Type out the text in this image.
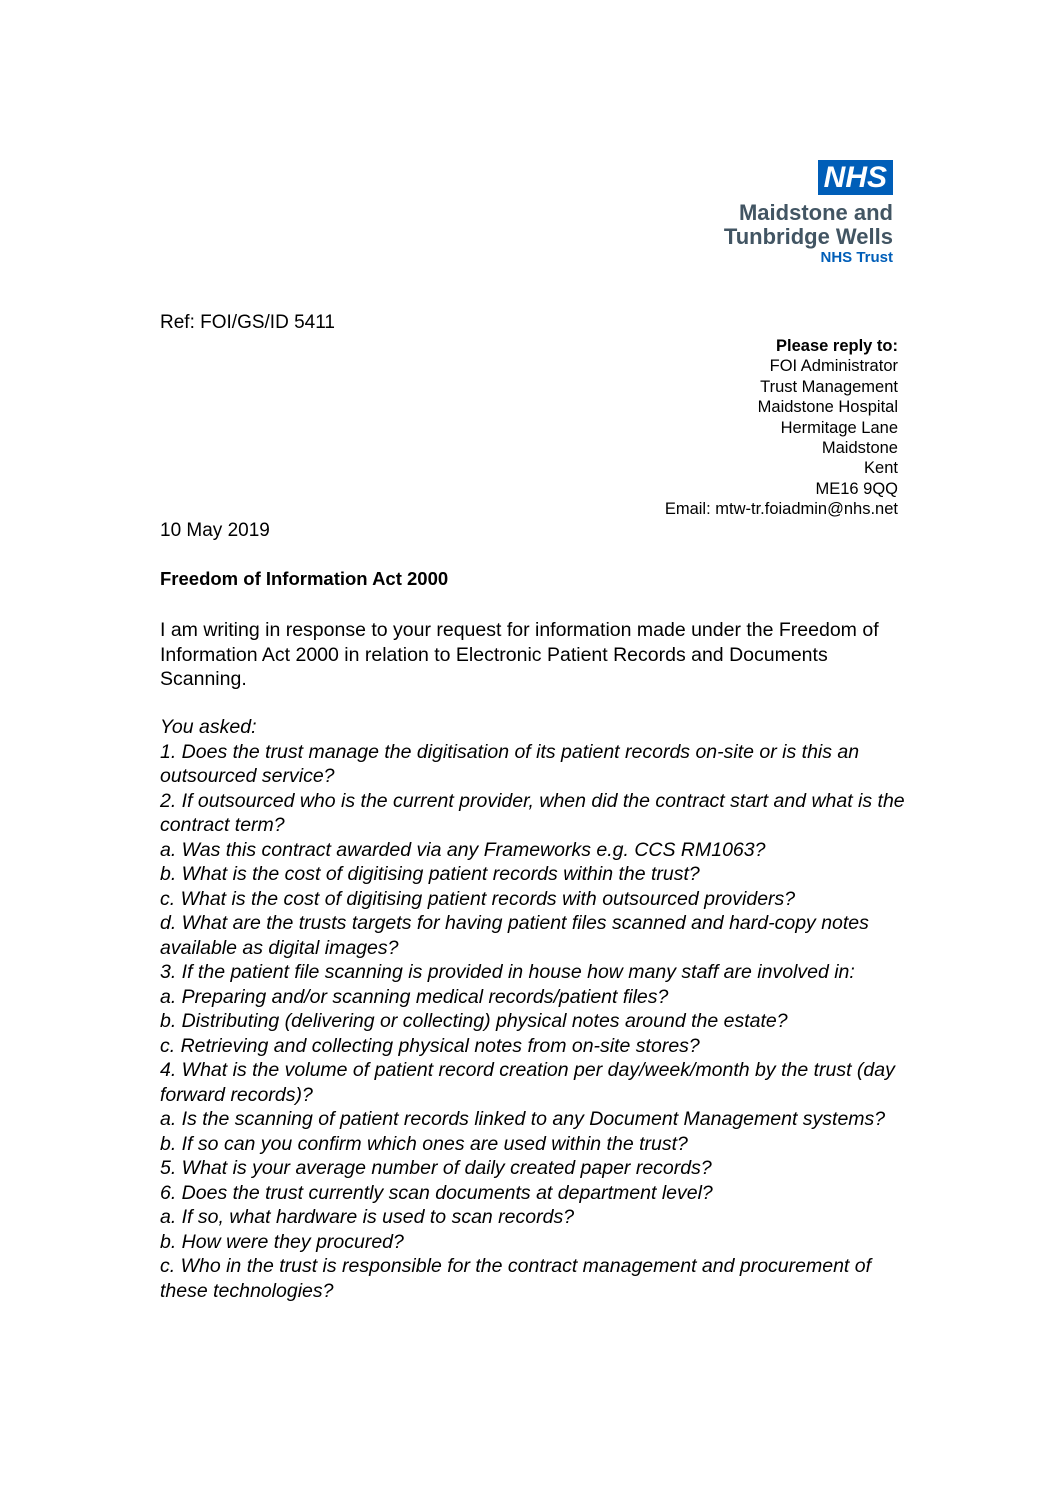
NHS
Maidstone and
Tunbridge Wells
NHS Trust
Ref: FOI/GS/ID 5411
Please reply to:
FOI Administrator
Trust Management
Maidstone Hospital
Hermitage Lane
Maidstone
Kent
ME16 9QQ
Email: mtw-tr.foiadmin@nhs.net
10 May 2019
Freedom of Information Act 2000
I am writing in response to your request for information made under the Freedom of Information Act 2000 in relation to Electronic Patient Records and Documents Scanning.
You asked:
1. Does the trust manage the digitisation of its patient records on-site or is this an outsourced service?
2. If outsourced who is the current provider, when did the contract start and what is the contract term?
a. Was this contract awarded via any Frameworks e.g. CCS RM1063?
b. What is the cost of digitising patient records within the trust?
c. What is the cost of digitising patient records with outsourced providers?
d. What are the trusts targets for having patient files scanned and hard-copy notes available as digital images?
3. If the patient file scanning is provided in house how many staff are involved in:
a. Preparing and/or scanning medical records/patient files?
b. Distributing (delivering or collecting) physical notes around the estate?
c. Retrieving and collecting physical notes from on-site stores?
4. What is the volume of patient record creation per day/week/month by the trust (day forward records)?
a. Is the scanning of patient records linked to any Document Management systems?
b. If so can you confirm which ones are used within the trust?
5. What is your average number of daily created paper records?
6. Does the trust currently scan documents at department level?
a. If so, what hardware is used to scan records?
b. How were they procured?
c. Who in the trust is responsible for the contract management and procurement of these technologies?
